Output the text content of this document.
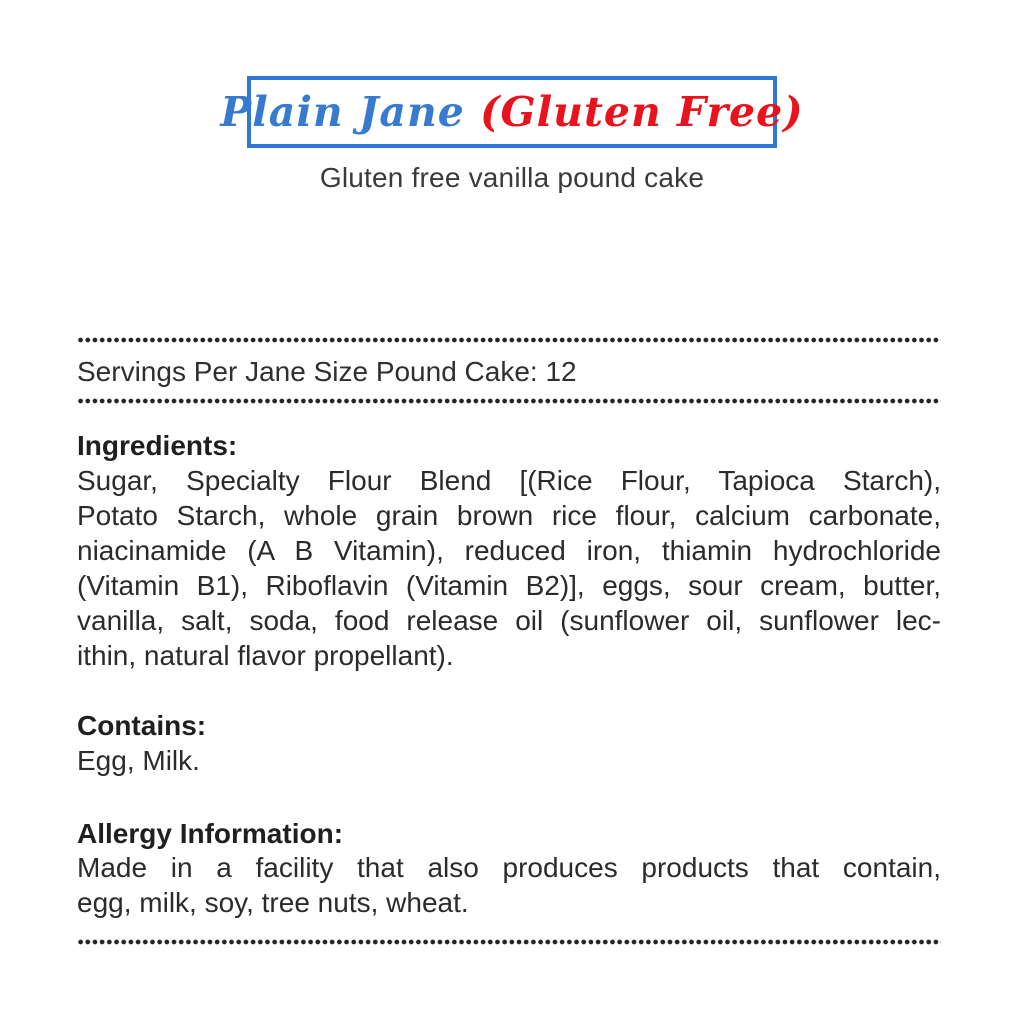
Plain Jane (Gluten Free)
Gluten free vanilla pound cake
Servings Per Jane Size Pound Cake: 12
Ingredients:
Sugar, Specialty Flour Blend [(Rice Flour, Tapioca Starch),
Potato Starch, whole grain brown rice flour, calcium carbonate,
niacinamide (A B Vitamin), reduced iron, thiamin hydrochloride
(Vitamin B1), Riboflavin (Vitamin B2)], eggs, sour cream, butter,
vanilla, salt, soda, food release oil (sunflower oil, sunflower lec-
ithin, natural flavor propellant).
Contains:
Egg, Milk.
Allergy Information:
Made in a facility that also produces products that contain,
egg, milk, soy, tree nuts, wheat.
